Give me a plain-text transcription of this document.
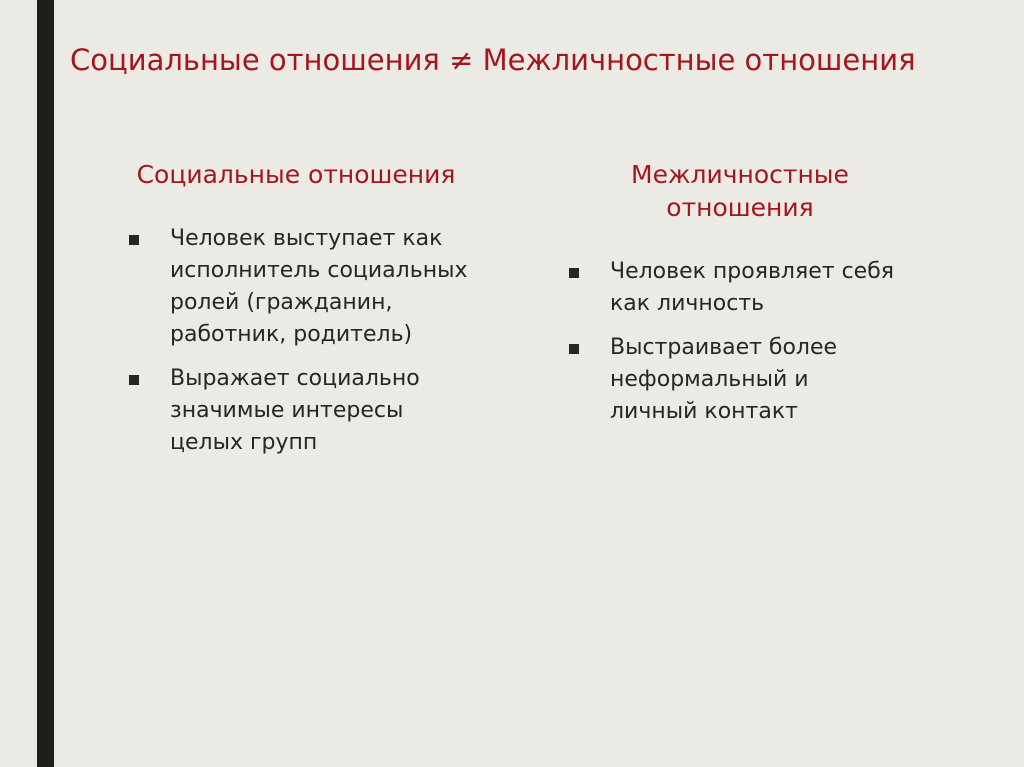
Социальные отношения ≠ Межличностные отношения
Социальные отношения
Человек выступает как исполнитель социальных ролей (гражданин, работник, родитель)
Выражает социально значимые интересы целых групп
Межличностные отношения
Человек проявляет себя как личность
Выстраивает более неформальный и личный контакт
